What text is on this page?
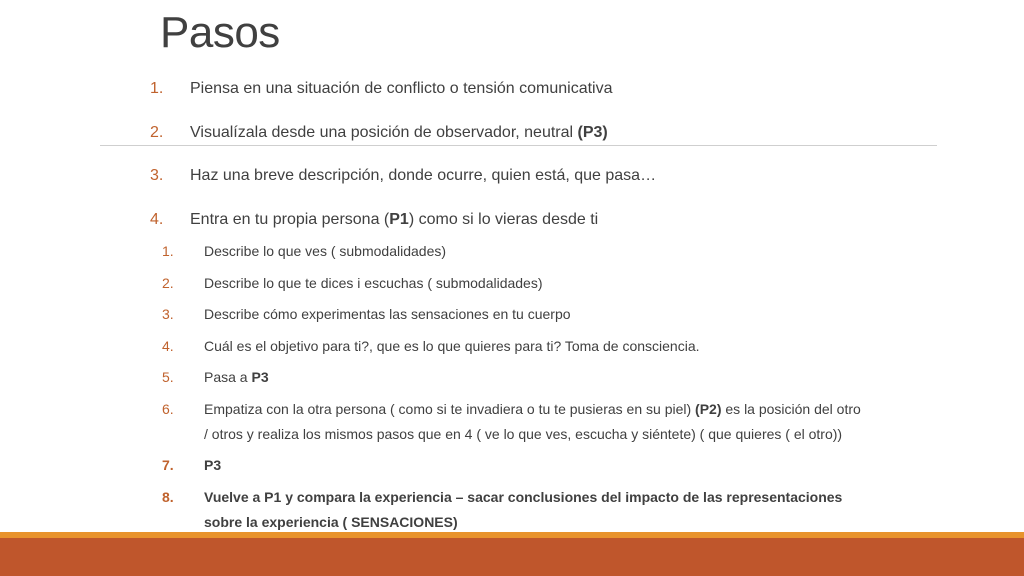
Pasos
1. Piensa en una situación de conflicto o tensión comunicativa
2. Visualízala desde una posición de observador, neutral (P3)
3. Haz una breve descripción, donde ocurre, quien está, que pasa…
4. Entra en tu propia persona (P1) como si lo vieras desde ti
1. Describe lo que ves ( submodalidades)
2. Describe lo que te dices i escuchas ( submodalidades)
3. Describe cómo experimentas las sensaciones en tu cuerpo
4. Cuál es el objetivo para ti?, que es lo que quieres para ti? Toma de consciencia.
5. Pasa a P3
6. Empatiza con la otra persona ( como si te invadiera o tu te pusieras en su piel) (P2) es la posición del otro / otros y realiza los mismos pasos que en 4 ( ve lo que ves, escucha y siéntete) ( que quieres ( el otro))
7. P3
8. Vuelve a P1 y compara la experiencia – sacar conclusiones del impacto de las representaciones sobre la experiencia ( SENSACIONES)
